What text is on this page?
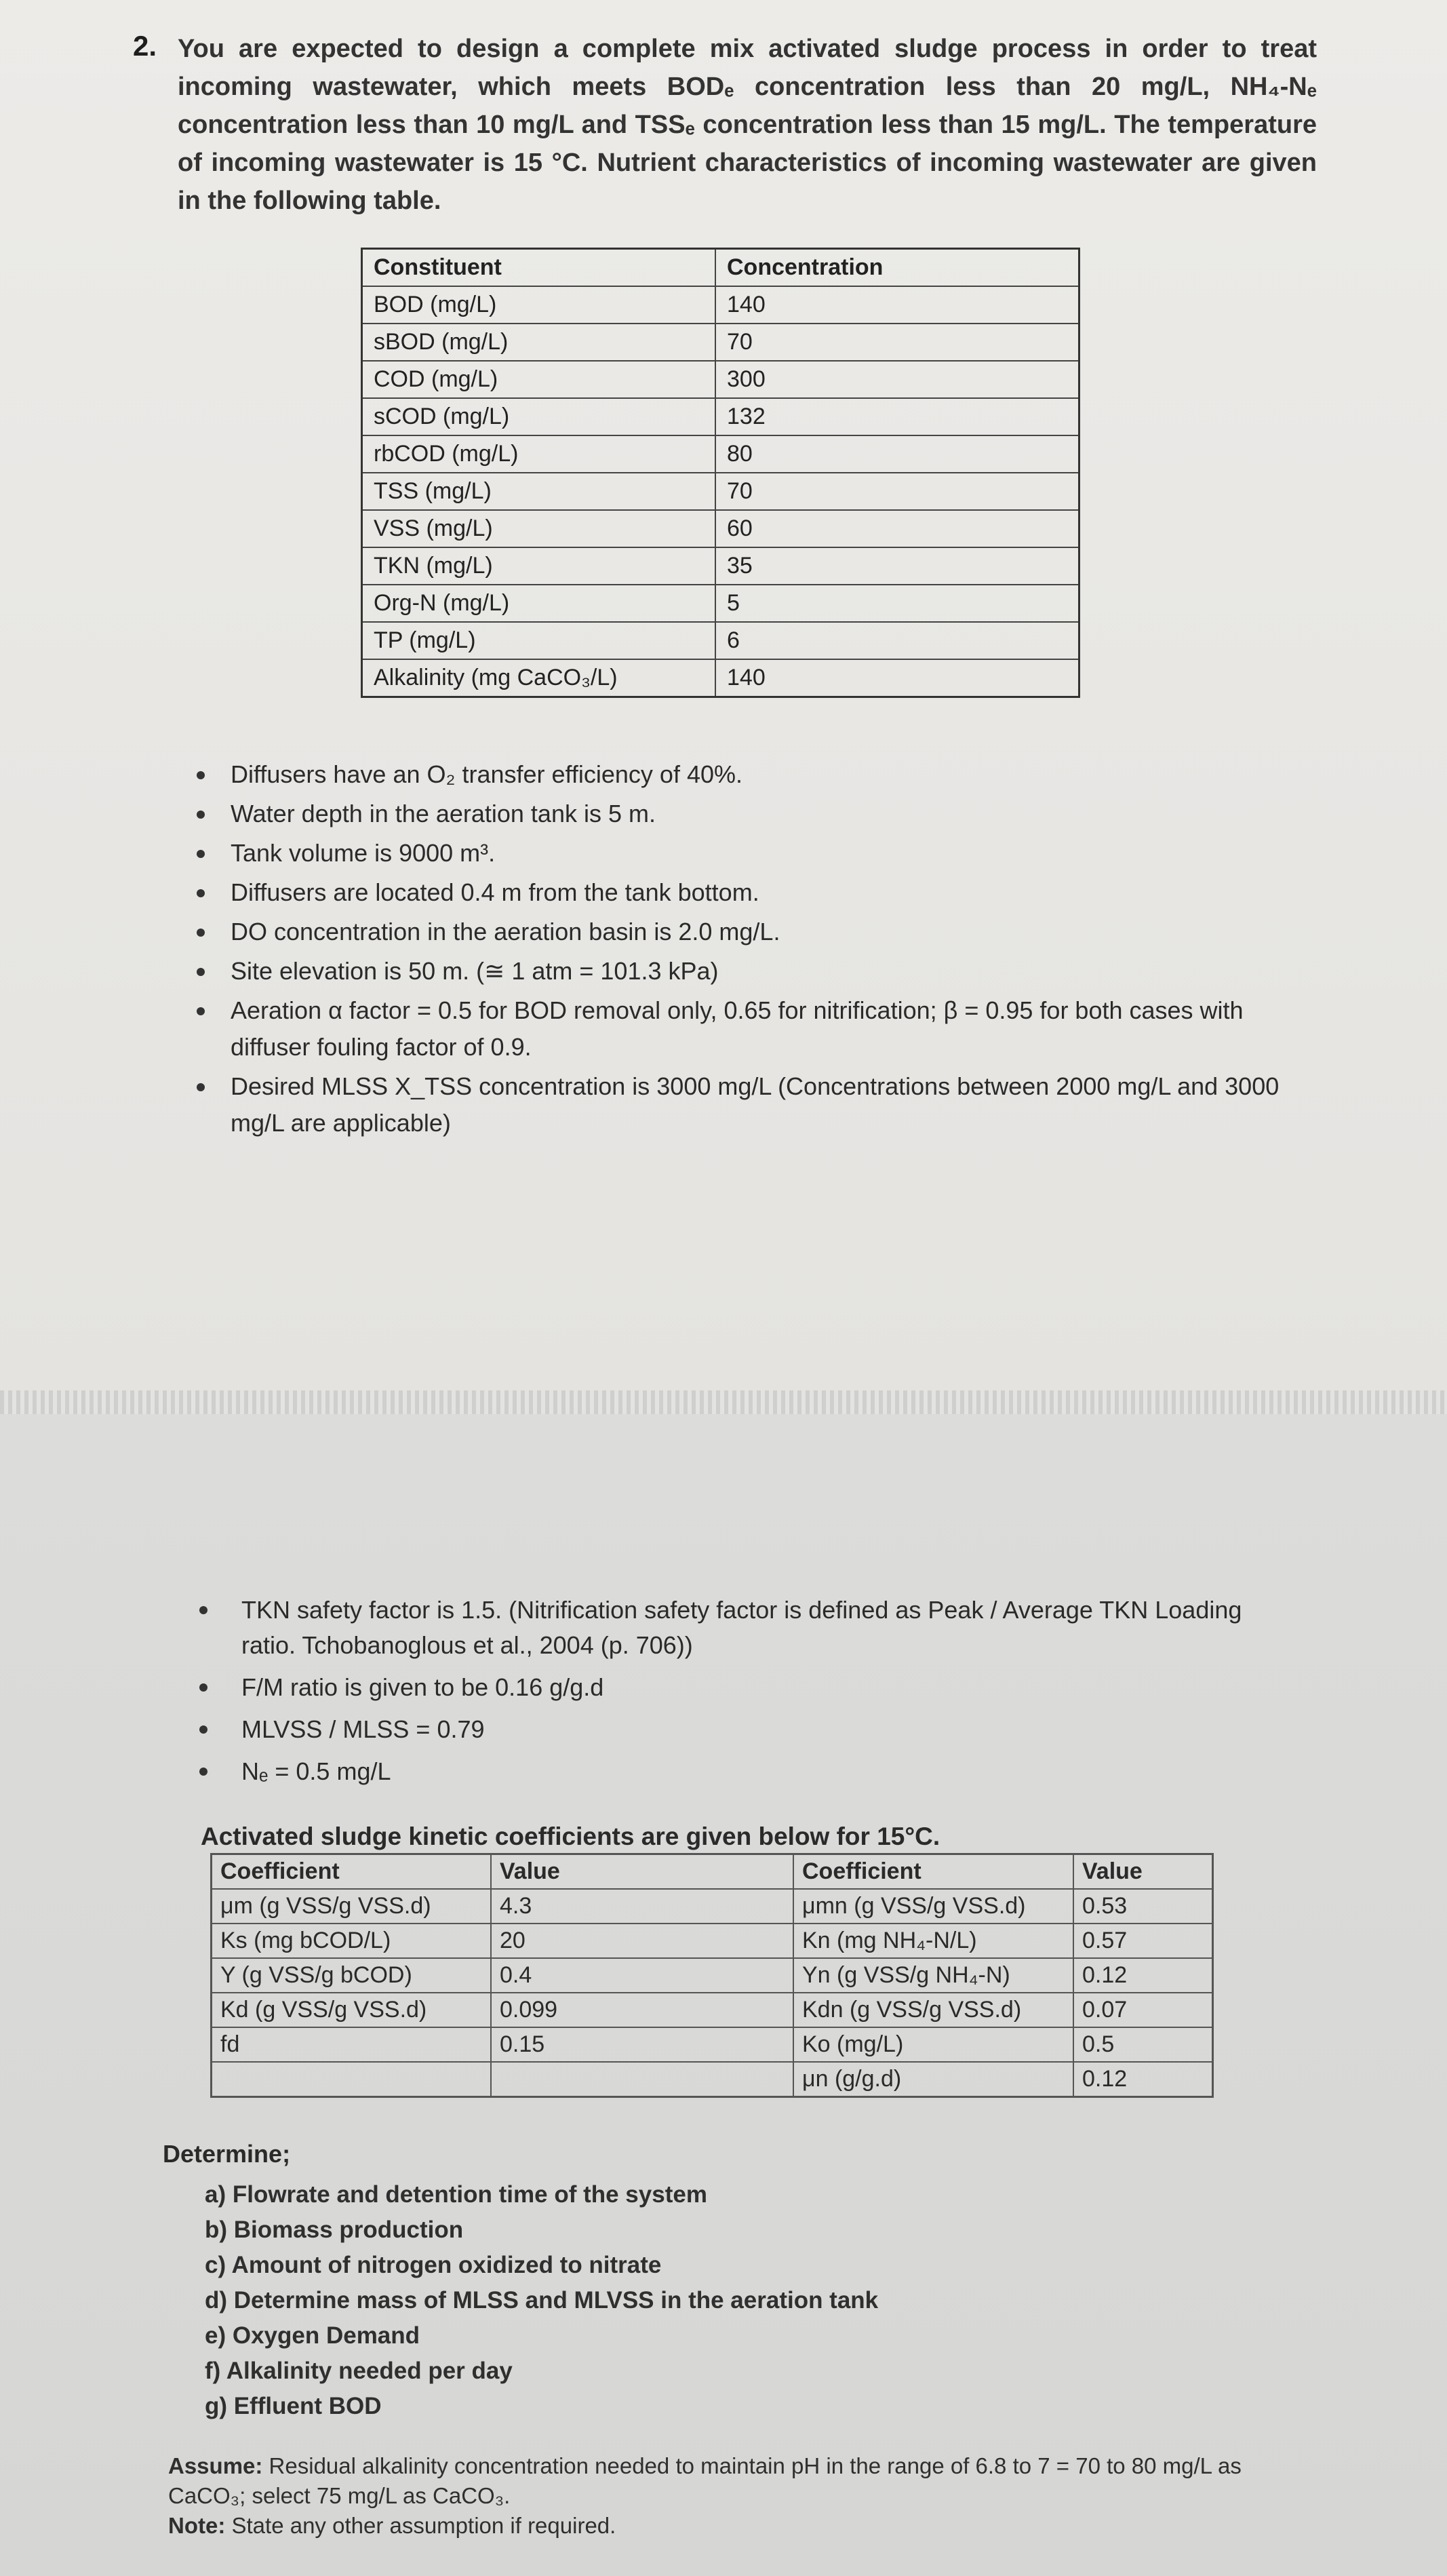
2. You are expected to design a complete mix activated sludge process in order to treat incoming wastewater, which meets BODₑ concentration less than 20 mg/L, NH₄-Nₑ concentration less than 10 mg/L and TSSₑ concentration less than 15 mg/L. The temperature of incoming wastewater is 15 °C. Nutrient characteristics of incoming wastewater are given in the following table.
Constituent	Concentration
BOD (mg/L)	140
sBOD (mg/L)	70
COD (mg/L)	300
sCOD (mg/L)	132
rbCOD (mg/L)	80
TSS (mg/L)	70
VSS (mg/L)	60
TKN (mg/L)	35
Org-N (mg/L)	5
TP (mg/L)	6
Alkalinity (mg CaCO₃/L)	140
Diffusers have an O₂ transfer efficiency of 40%.
Water depth in the aeration tank is 5 m.
Tank volume is 9000 m³.
Diffusers are located 0.4 m from the tank bottom.
DO concentration in the aeration basin is 2.0 mg/L.
Site elevation is 50 m. (≅ 1 atm = 101.3 kPa)
Aeration α factor = 0.5 for BOD removal only, 0.65 for nitrification; β = 0.95 for both cases with diffuser fouling factor of 0.9.
Desired MLSS X_TSS concentration is 3000 mg/L (Concentrations between 2000 mg/L and 3000 mg/L are applicable)
TKN safety factor is 1.5. (Nitrification safety factor is defined as Peak / Average TKN Loading ratio. Tchobanoglous et al., 2004 (p. 706))
F/M ratio is given to be 0.16 g/g.d
MLVSS / MLSS = 0.79
Nₑ = 0.5 mg/L
Activated sludge kinetic coefficients are given below for 15°C.
Coefficient	Value	Coefficient	Value
μm (g VSS/g VSS.d)	4.3	μmn (g VSS/g VSS.d)	0.53
Ks (mg bCOD/L)	20	Kn (mg NH₄-N/L)	0.57
Y (g VSS/g bCOD)	0.4	Yn (g VSS/g NH₄-N)	0.12
Kd (g VSS/g VSS.d)	0.099	Kdn (g VSS/g VSS.d)	0.07
fd	0.15	Ko (mg/L)	0.5
		μn (g/g.d)	0.12
Determine;
a) Flowrate and detention time of the system
b) Biomass production
c) Amount of nitrogen oxidized to nitrate
d) Determine mass of MLSS and MLVSS in the aeration tank
e) Oxygen Demand
f) Alkalinity needed per day
g) Effluent BOD
Assume: Residual alkalinity concentration needed to maintain pH in the range of 6.8 to 7 = 70 to 80 mg/L as CaCO₃; select 75 mg/L as CaCO₃.
Note: State any other assumption if required.
